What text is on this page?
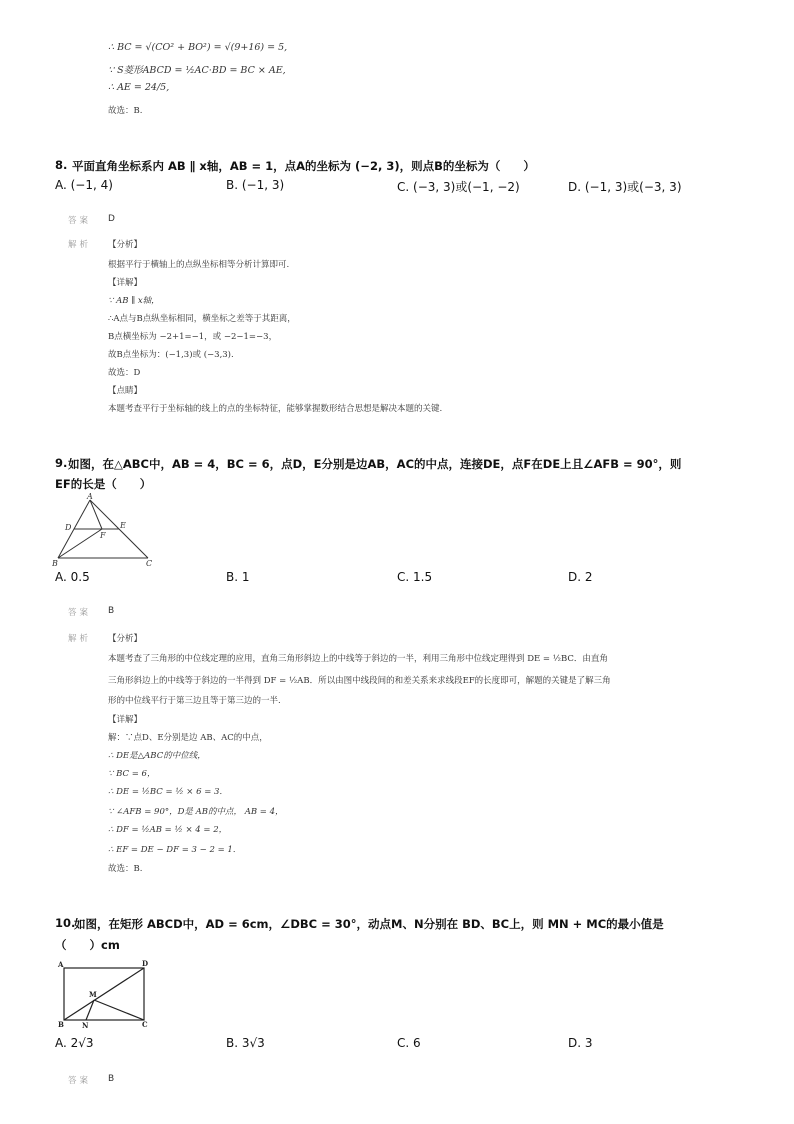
∴ BC = √(CO² + BO²) = √(9+16) = 5,
∵ S菱形ABCD = ½AC·BD = BC × AE,
∴ AE = 24/5,
故选：B.
8. 平面直角坐标系内 AB ∥ x轴，AB = 1，点A的坐标为 (−2, 3)，则点B的坐标为（　　）
A. (−1, 4)	B. (−1, 3)	C. (−3, 3)或(−1, −2)	D. (−1, 3)或(−3, 3)
答案 D
解析 【分析】
根据平行于横轴上的点纵坐标相等分析计算即可.
【详解】
∵ AB ∥ x轴，
∴A点与B点纵坐标相同，横坐标之差等于其距离，
B点横坐标为 −2+1=−1，或 −2−1=−3，
故B点坐标为：(−1,3)或 (−3,3).
故选：D
【点睛】
本题考查平行于坐标轴的线上的点的坐标特征，能够掌握数形结合思想是解决本题的关键.
9. 如图，在△ABC中，AB = 4，BC = 6，点D，E分别是边AB，AC的中点，连接DE，点F在DE上且∠AFB = 90°，则
EF的长是（　　）
A
B	C
D	E
F
A. 0.5	B. 1	C. 1.5	D. 2
答案 B
解析 【分析】
本题考查了三角形的中位线定理的应用，直角三角形斜边上的中线等于斜边的一半，利用三角形中位线定理得到 DE = ½BC．由直角
三角形斜边上的中线等于斜边的一半得到 DF = ½AB．所以由图中线段间的和差关系来求线段EF的长度即可，解题的关键是了解三角
形的中位线平行于第三边且等于第三边的一半.
【详解】
解：∵点D、E分别是边 AB、AC的中点，
∴ DE是△ABC的中位线，
∵ BC = 6，
∴ DE = ½BC = ½ × 6 = 3．
∵ ∠AFB = 90°，D是 AB的中点， AB = 4，
∴ DF = ½AB = ½ × 4 = 2，
∴ EF = DE − DF = 3 − 2 = 1．
故选：B.
10.
如图，在矩形 ABCD中，AD = 6cm，∠DBC = 30°，动点M、N分别在 BD、BC上，则 MN + MC的最小值是
（　　）cm
A	D
B	C
M
N
A. 2√3	B. 3√3	C. 6	D. 3
答案 B
